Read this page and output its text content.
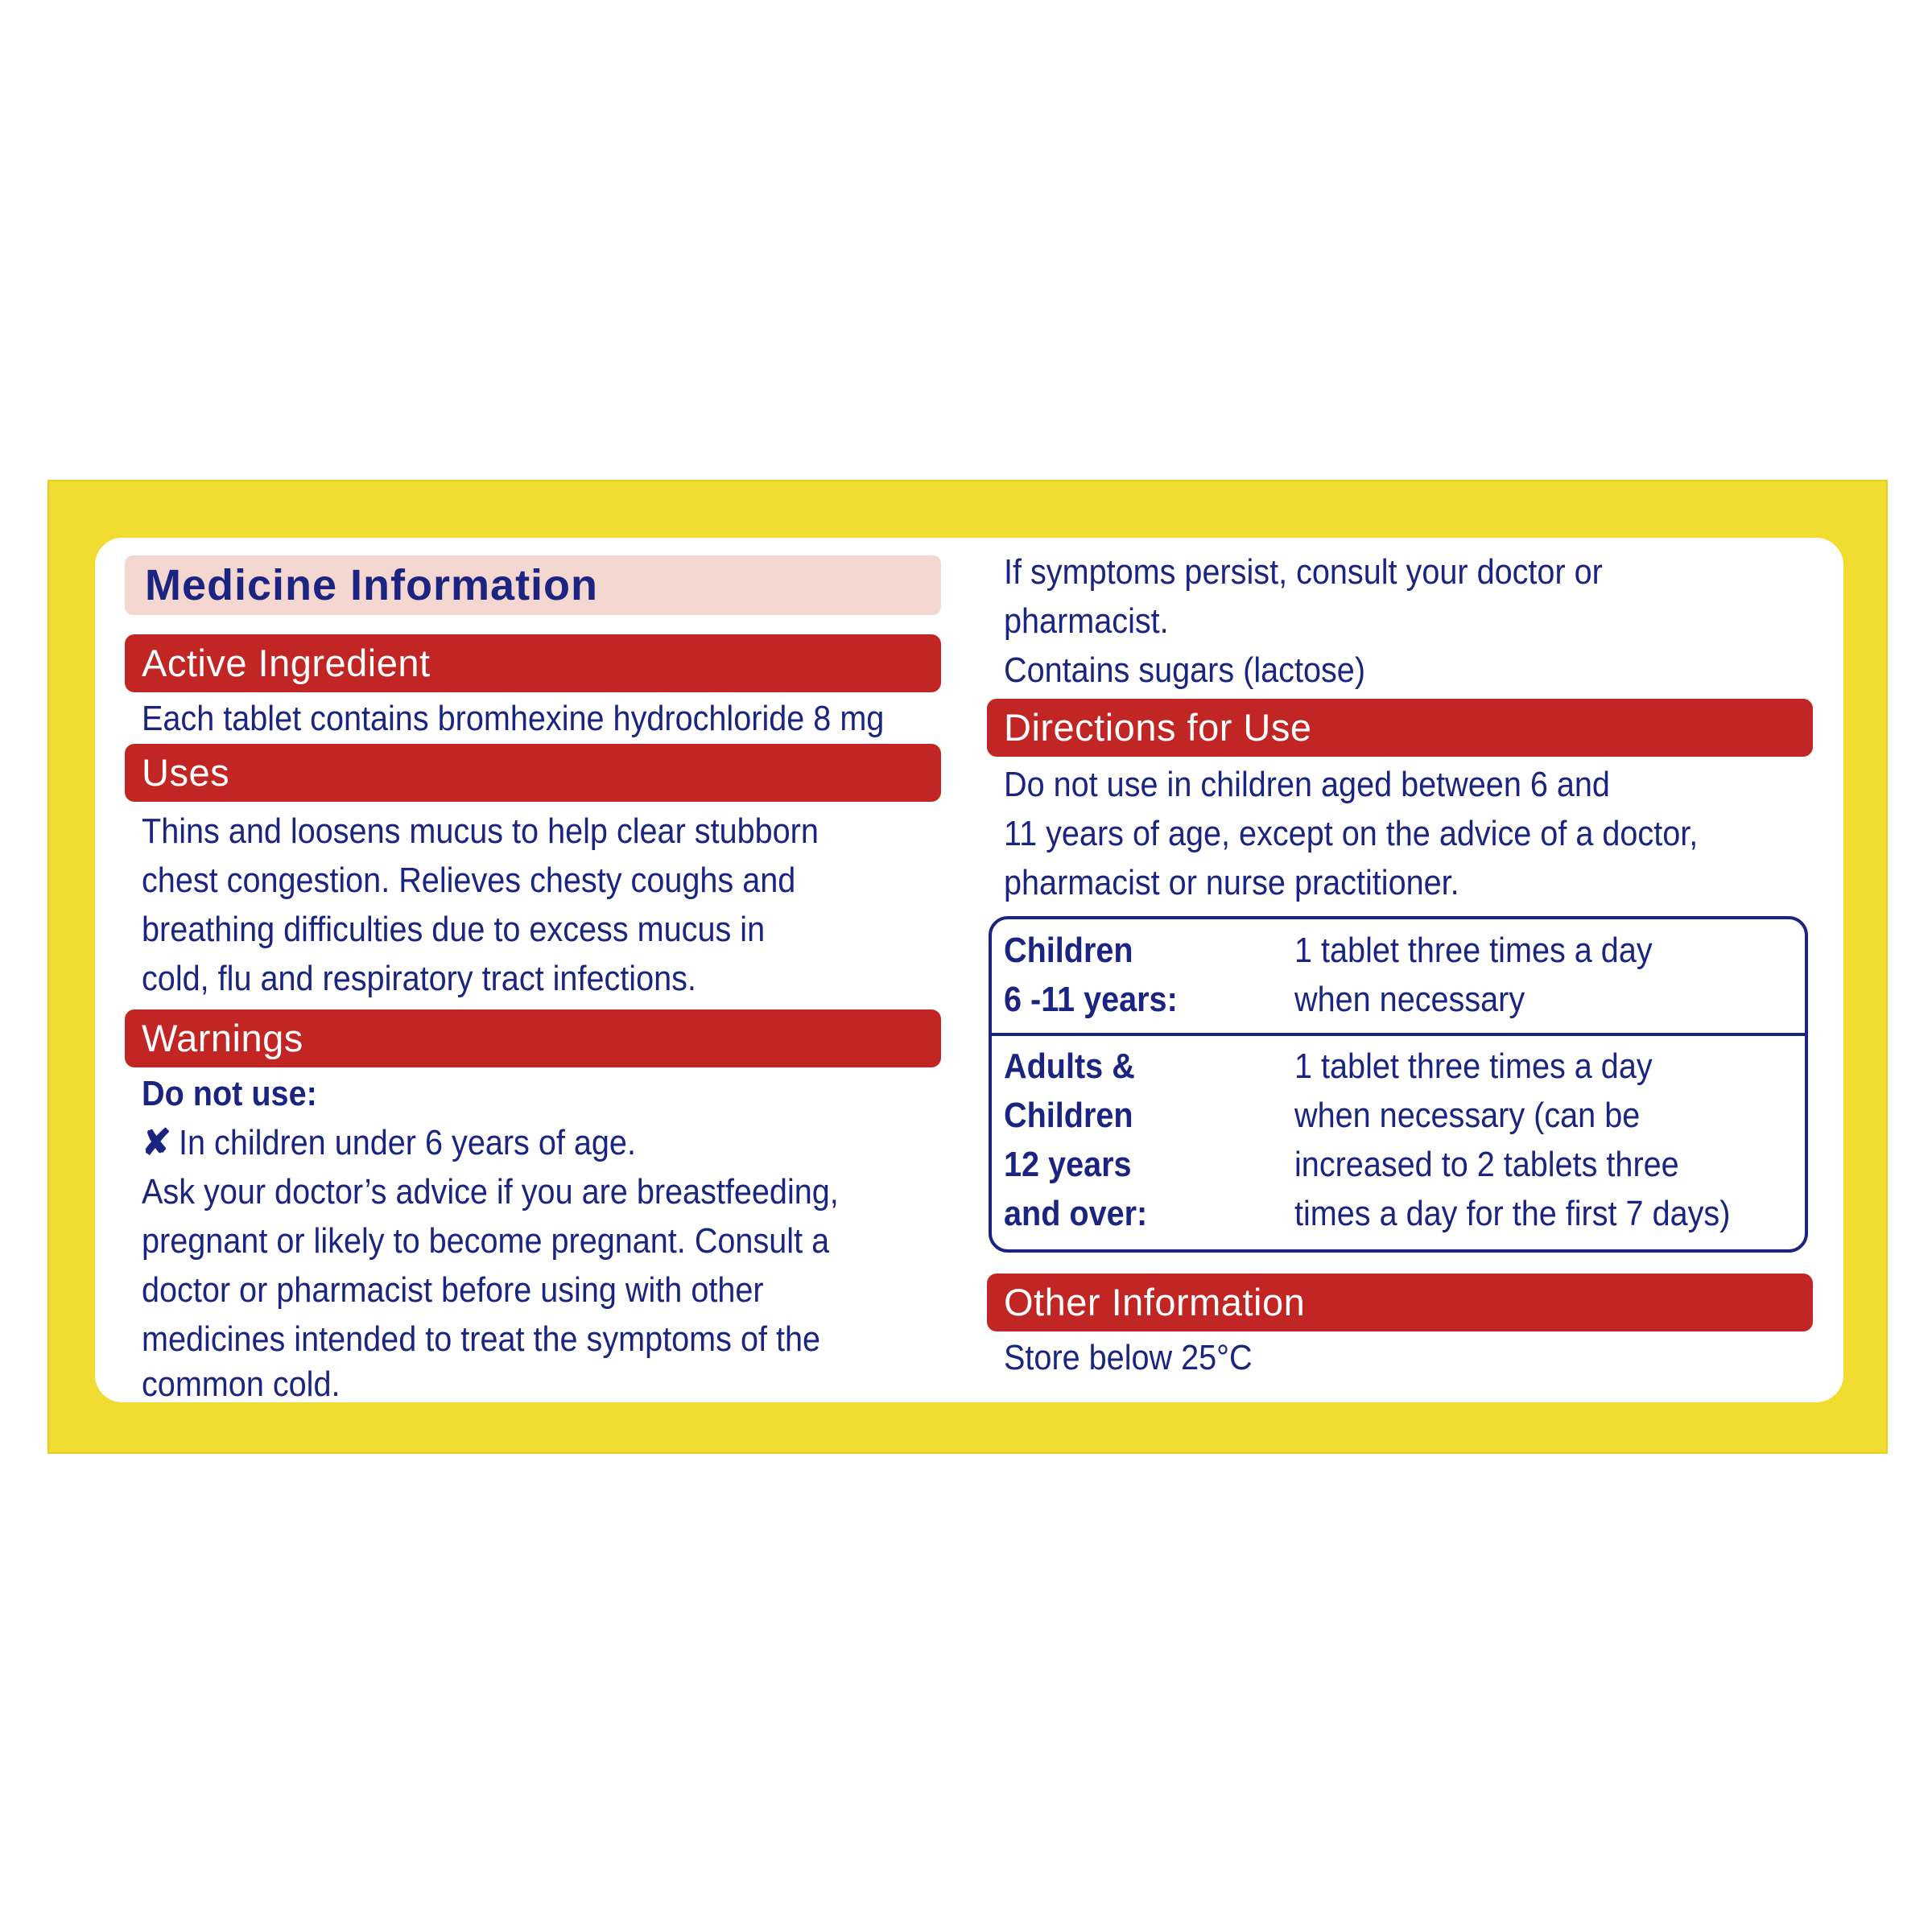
Medicine Information
Active Ingredient
Each tablet contains bromhexine hydrochloride 8 mg
Uses
Thins and loosens mucus to help clear stubborn
chest congestion. Relieves chesty coughs and
breathing difficulties due to excess mucus in
cold, flu and respiratory tract infections.
Warnings
Do not use:
✘ In children under 6 years of age.
Ask your doctor’s advice if you are breastfeeding,
pregnant or likely to become pregnant. Consult a
doctor or pharmacist before using with other
medicines intended to treat the symptoms of the
common cold.
If symptoms persist, consult your doctor or
pharmacist.
Contains sugars (lactose)
Directions for Use
Do not use in children aged between 6 and
11 years of age, except on the advice of a doctor,
pharmacist or nurse practitioner.
Children
6 -11 years:
1 tablet three times a day
when necessary
Adults &
Children
12 years
and over:
1 tablet three times a day
when necessary (can be
increased to 2 tablets three
times a day for the first 7 days)
Other Information
Store below 25°C
